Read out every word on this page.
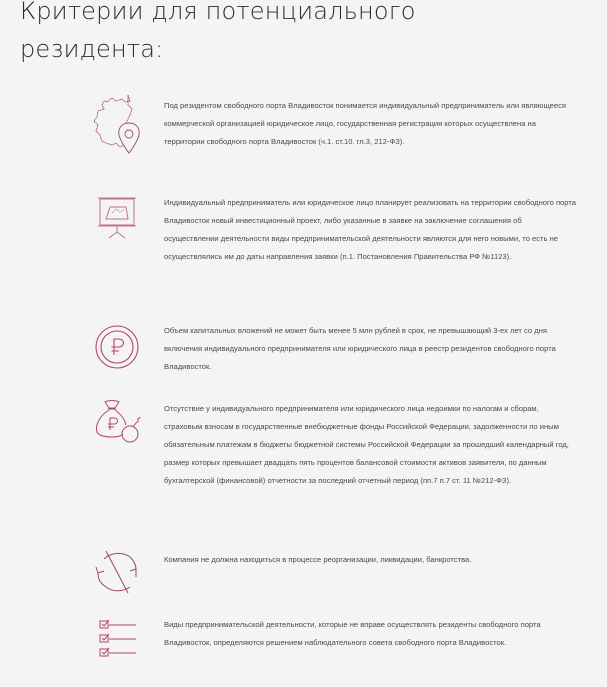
Критерии для потенциального
резидента:
Под резидентом свободного порта Владивосток понимается индивидуальный предприниматель или являющееся коммерческой организацией юридическое лицо, государственная регистрация которых осуществлена на территории свободного порта Владивосток (ч.1. ст.10. гл.3, 212-ФЗ).
Индивидуальный предприниматель или юридическое лицо планирует реализовать на территории свободного порта Владивосток новый инвестиционный проект, либо указанные в заявке на заключение соглашения об осуществлении деятельности виды предпринимательской деятельности являются для него новыми, то есть не осуществлялись им до даты направления заявки (п.1. Постановления Правительства РФ №1123).
Объем капитальных вложений не может быть менее 5 млн рублей в срок, не превышающий 3-ех лет со дня включения индивидуального предпринимателя или юридического лица в реестр резидентов свободного порта Владивосток.
Отсутствие у индивидуального предпринимателя или юридического лица недоимки по налогам и сборам, страховым взносам в государственные внебюджетные фонды Российской Федерации, задолженности по иным обязательным платежам в бюджеты бюджетной системы Российской Федерации за прошедший календарный год, размер которых превышает двадцать пять процентов балансовой стоимости активов заявителя, по данным бухгалтерской (финансовой) отчетности за последний отчетный период (пп.7 п.7 ст. 11 №212-ФЗ).
Компания не должна находиться в процессе реорганизации, ликвидации, банкротства.
Виды предпринимательской деятельности, которые не вправе осуществлять резиденты свободного порта Владивосток, определяются решением наблюдательного совета свободного порта Владивосток.
